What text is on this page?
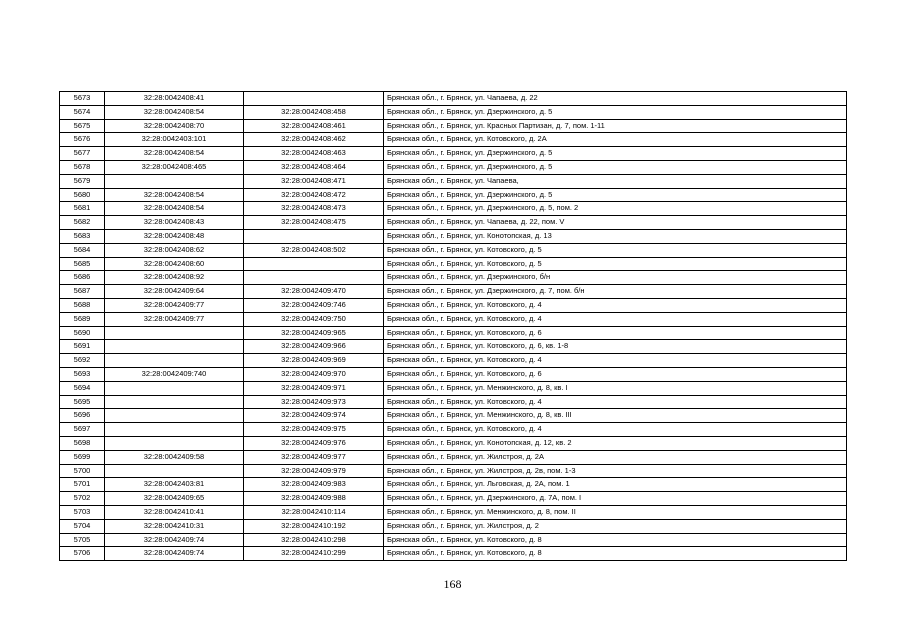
5673	32:28:0042408:41		Брянская обл., г. Брянск, ул. Чапаева, д. 22
5674	32:28:0042408:54	32:28:0042408:458	Брянская обл., г. Брянск, ул. Дзержинского, д. 5
5675	32:28:0042408:70	32:28:0042408:461	Брянская обл., г. Брянск, ул. Красных Партизан, д. 7, пом. 1-11
5676	32:28:0042403:101	32:28:0042408:462	Брянская обл., г. Брянск, ул. Котовского, д. 2А
5677	32:28:0042408:54	32:28:0042408:463	Брянская обл., г. Брянск, ул. Дзержинского, д. 5
5678	32:28:0042408:465	32:28:0042408:464	Брянская обл., г. Брянск, ул. Дзержинского, д. 5
5679		32:28:0042408:471	Брянская обл., г. Брянск, ул. Чапаева,
5680	32:28:0042408:54	32:28:0042408:472	Брянская обл., г. Брянск, ул. Дзержинского, д. 5
5681	32:28:0042408:54	32:28:0042408:473	Брянская обл., г. Брянск, ул. Дзержинского, д. 5, пом. 2
5682	32:28:0042408:43	32:28:0042408:475	Брянская обл., г. Брянск, ул. Чапаева, д. 22, пом. V
5683	32:28:0042408:48		Брянская обл., г. Брянск, ул. Конотопская, д. 13
5684	32:28:0042408:62	32:28:0042408:502	Брянская обл., г. Брянск, ул. Котовского, д. 5
5685	32:28:0042408:60		Брянская обл., г. Брянск, ул. Котовского, д. 5
5686	32:28:0042408:92		Брянская обл., г. Брянск, ул. Дзержинского, б/н
5687	32:28:0042409:64	32:28:0042409:470	Брянская обл., г. Брянск, ул. Дзержинского, д. 7, пом. б/н
5688	32:28:0042409:77	32:28:0042409:746	Брянская обл., г. Брянск, ул. Котовского, д. 4
5689	32:28:0042409:77	32:28:0042409:750	Брянская обл., г. Брянск, ул. Котовского, д. 4
5690		32:28:0042409:965	Брянская обл., г. Брянск, ул. Котовского, д. 6
5691		32:28:0042409:966	Брянская обл., г. Брянск, ул. Котовского, д. 6, кв. 1-8
5692		32:28:0042409:969	Брянская обл., г. Брянск, ул. Котовского, д. 4
5693	32:28:0042409:740	32:28:0042409:970	Брянская обл., г. Брянск, ул. Котовского, д. 6
5694		32:28:0042409:971	Брянская обл., г. Брянск, ул. Менжинского, д. 8, кв. I
5695		32:28:0042409:973	Брянская обл., г. Брянск, ул. Котовского, д. 4
5696		32:28:0042409:974	Брянская обл., г. Брянск, ул. Менжинского, д. 8, кв. III
5697		32:28:0042409:975	Брянская обл., г. Брянск, ул. Котовского, д. 4
5698		32:28:0042409:976	Брянская обл., г. Брянск, ул. Конотопская, д. 12, кв. 2
5699	32:28:0042409:58	32:28:0042409:977	Брянская обл., г. Брянск, ул. Жилстроя, д. 2А
5700		32:28:0042409:979	Брянская обл., г. Брянск, ул. Жилстроя, д. 2в, пом. 1-3
5701	32:28:0042403:81	32:28:0042409:983	Брянская обл., г. Брянск, ул. Льговская, д. 2А, пом. 1
5702	32:28:0042409:65	32:28:0042409:988	Брянская обл., г. Брянск, ул. Дзержинского, д. 7А, пом. I
5703	32:28:0042410:41	32:28:0042410:114	Брянская обл., г. Брянск, ул. Менжинского, д. 8, пом. II
5704	32:28:0042410:31	32:28:0042410:192	Брянская обл., г. Брянск, ул. Жилстроя, д. 2
5705	32:28:0042409:74	32:28:0042410:298	Брянская обл., г. Брянск, ул. Котовского, д. 8
5706	32:28:0042409:74	32:28:0042410:299	Брянская обл., г. Брянск, ул. Котовского, д. 8
168
